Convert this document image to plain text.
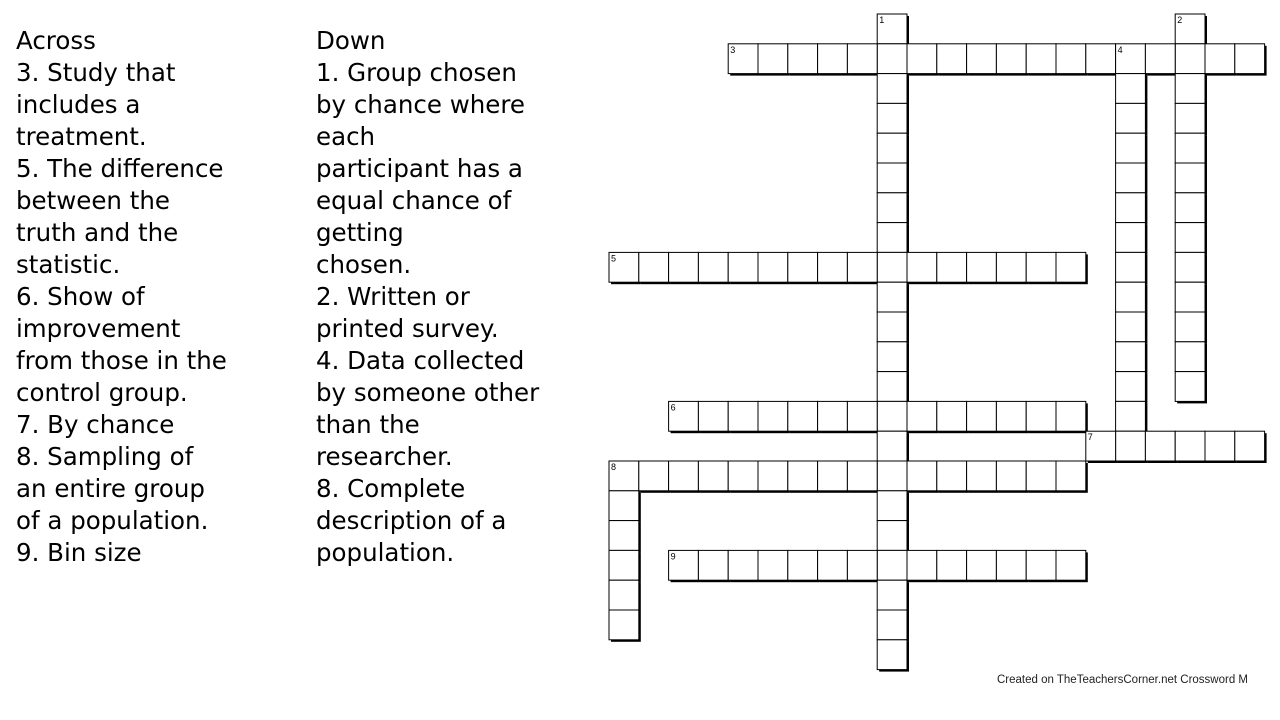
Across
3. Study that
includes a
treatment.
5. The difference
between the
truth and the
statistic.
6. Show of
improvement
from those in the
control group.
7. By chance
8. Sampling of
an entire group
of a population.
9. Bin size
Down
1. Group chosen
by chance where
each
participant has a
equal chance of
getting
chosen.
2. Written or
printed survey.
4. Data collected
by someone other
than the
researcher.
8. Complete
description of a
population.
1	2
3	4
5
6
7
8
9
Created on TheTeachersCorner.net Crossword M
